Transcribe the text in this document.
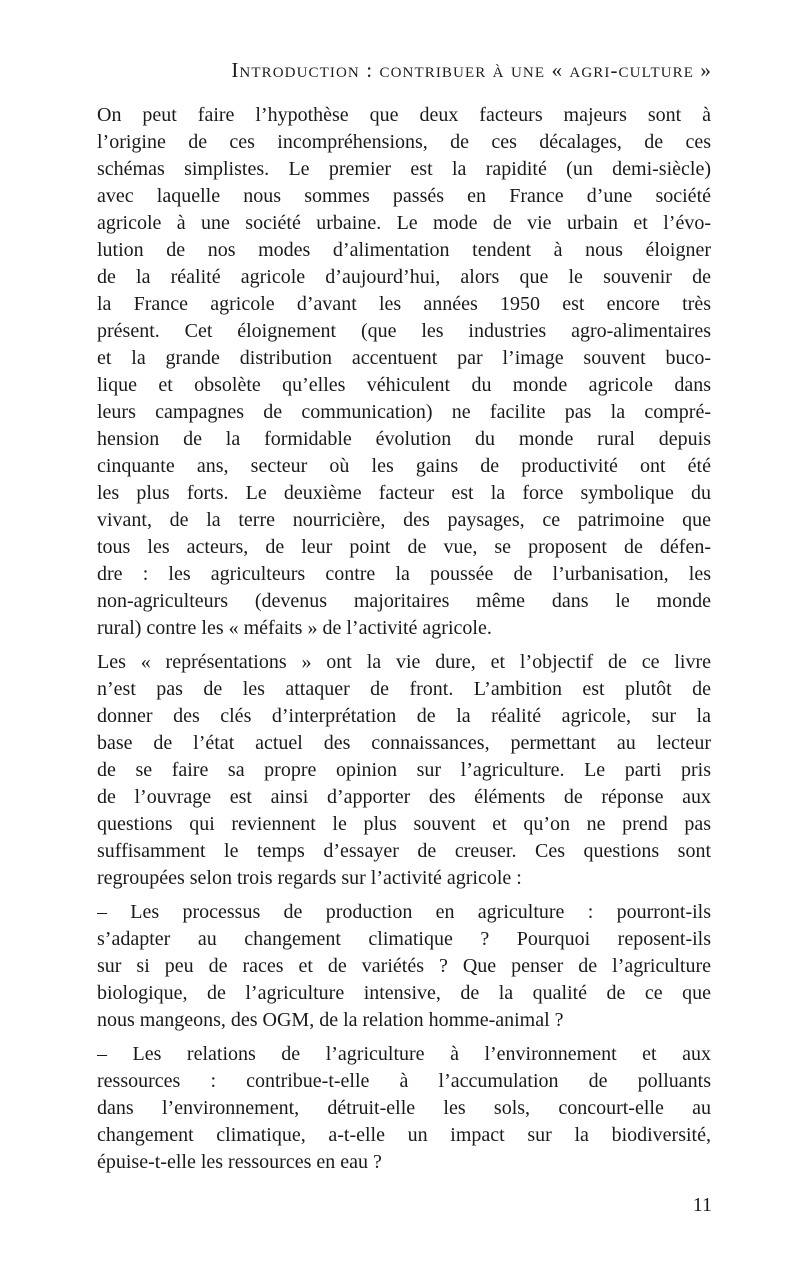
Introduction : contribuer à une « agri-culture »
On peut faire l’hypothèse que deux facteurs majeurs sont à
l’origine de ces incompréhensions, de ces décalages, de ces
schémas simplistes. Le premier est la rapidité (un demi-siècle)
avec laquelle nous sommes passés en France d’une société
agricole à une société urbaine. Le mode de vie urbain et l’évo-
lution de nos modes d’alimentation tendent à nous éloigner
de la réalité agricole d’aujourd’hui, alors que le souvenir de
la France agricole d’avant les années 1950 est encore très
présent. Cet éloignement (que les industries agro-alimentaires
et la grande distribution accentuent par l’image souvent buco-
lique et obsolète qu’elles véhiculent du monde agricole dans
leurs campagnes de communication) ne facilite pas la compré-
hension de la formidable évolution du monde rural depuis
cinquante ans, secteur où les gains de productivité ont été
les plus forts. Le deuxième facteur est la force symbolique du
vivant, de la terre nourricière, des paysages, ce patrimoine que
tous les acteurs, de leur point de vue, se proposent de défen-
dre : les agriculteurs contre la poussée de l’urbanisation, les
non-agriculteurs (devenus majoritaires même dans le monde
rural) contre les « méfaits » de l’activité agricole.
Les « représentations » ont la vie dure, et l’objectif de ce livre
n’est pas de les attaquer de front. L’ambition est plutôt de
donner des clés d’interprétation de la réalité agricole, sur la
base de l’état actuel des connaissances, permettant au lecteur
de se faire sa propre opinion sur l’agriculture. Le parti pris
de l’ouvrage est ainsi d’apporter des éléments de réponse aux
questions qui reviennent le plus souvent et qu’on ne prend pas
suffisamment le temps d’essayer de creuser. Ces questions sont
regroupées selon trois regards sur l’activité agricole :
– Les processus de production en agriculture : pourront-ils
s’adapter au changement climatique ? Pourquoi reposent-ils
sur si peu de races et de variétés ? Que penser de l’agriculture
biologique, de l’agriculture intensive, de la qualité de ce que
nous mangeons, des OGM, de la relation homme-animal ?
– Les relations de l’agriculture à l’environnement et aux
ressources : contribue-t-elle à l’accumulation de polluants
dans l’environnement, détruit-elle les sols, concourt-elle au
changement climatique, a-t-elle un impact sur la biodiversité,
épuise-t-elle les ressources en eau ?
11
